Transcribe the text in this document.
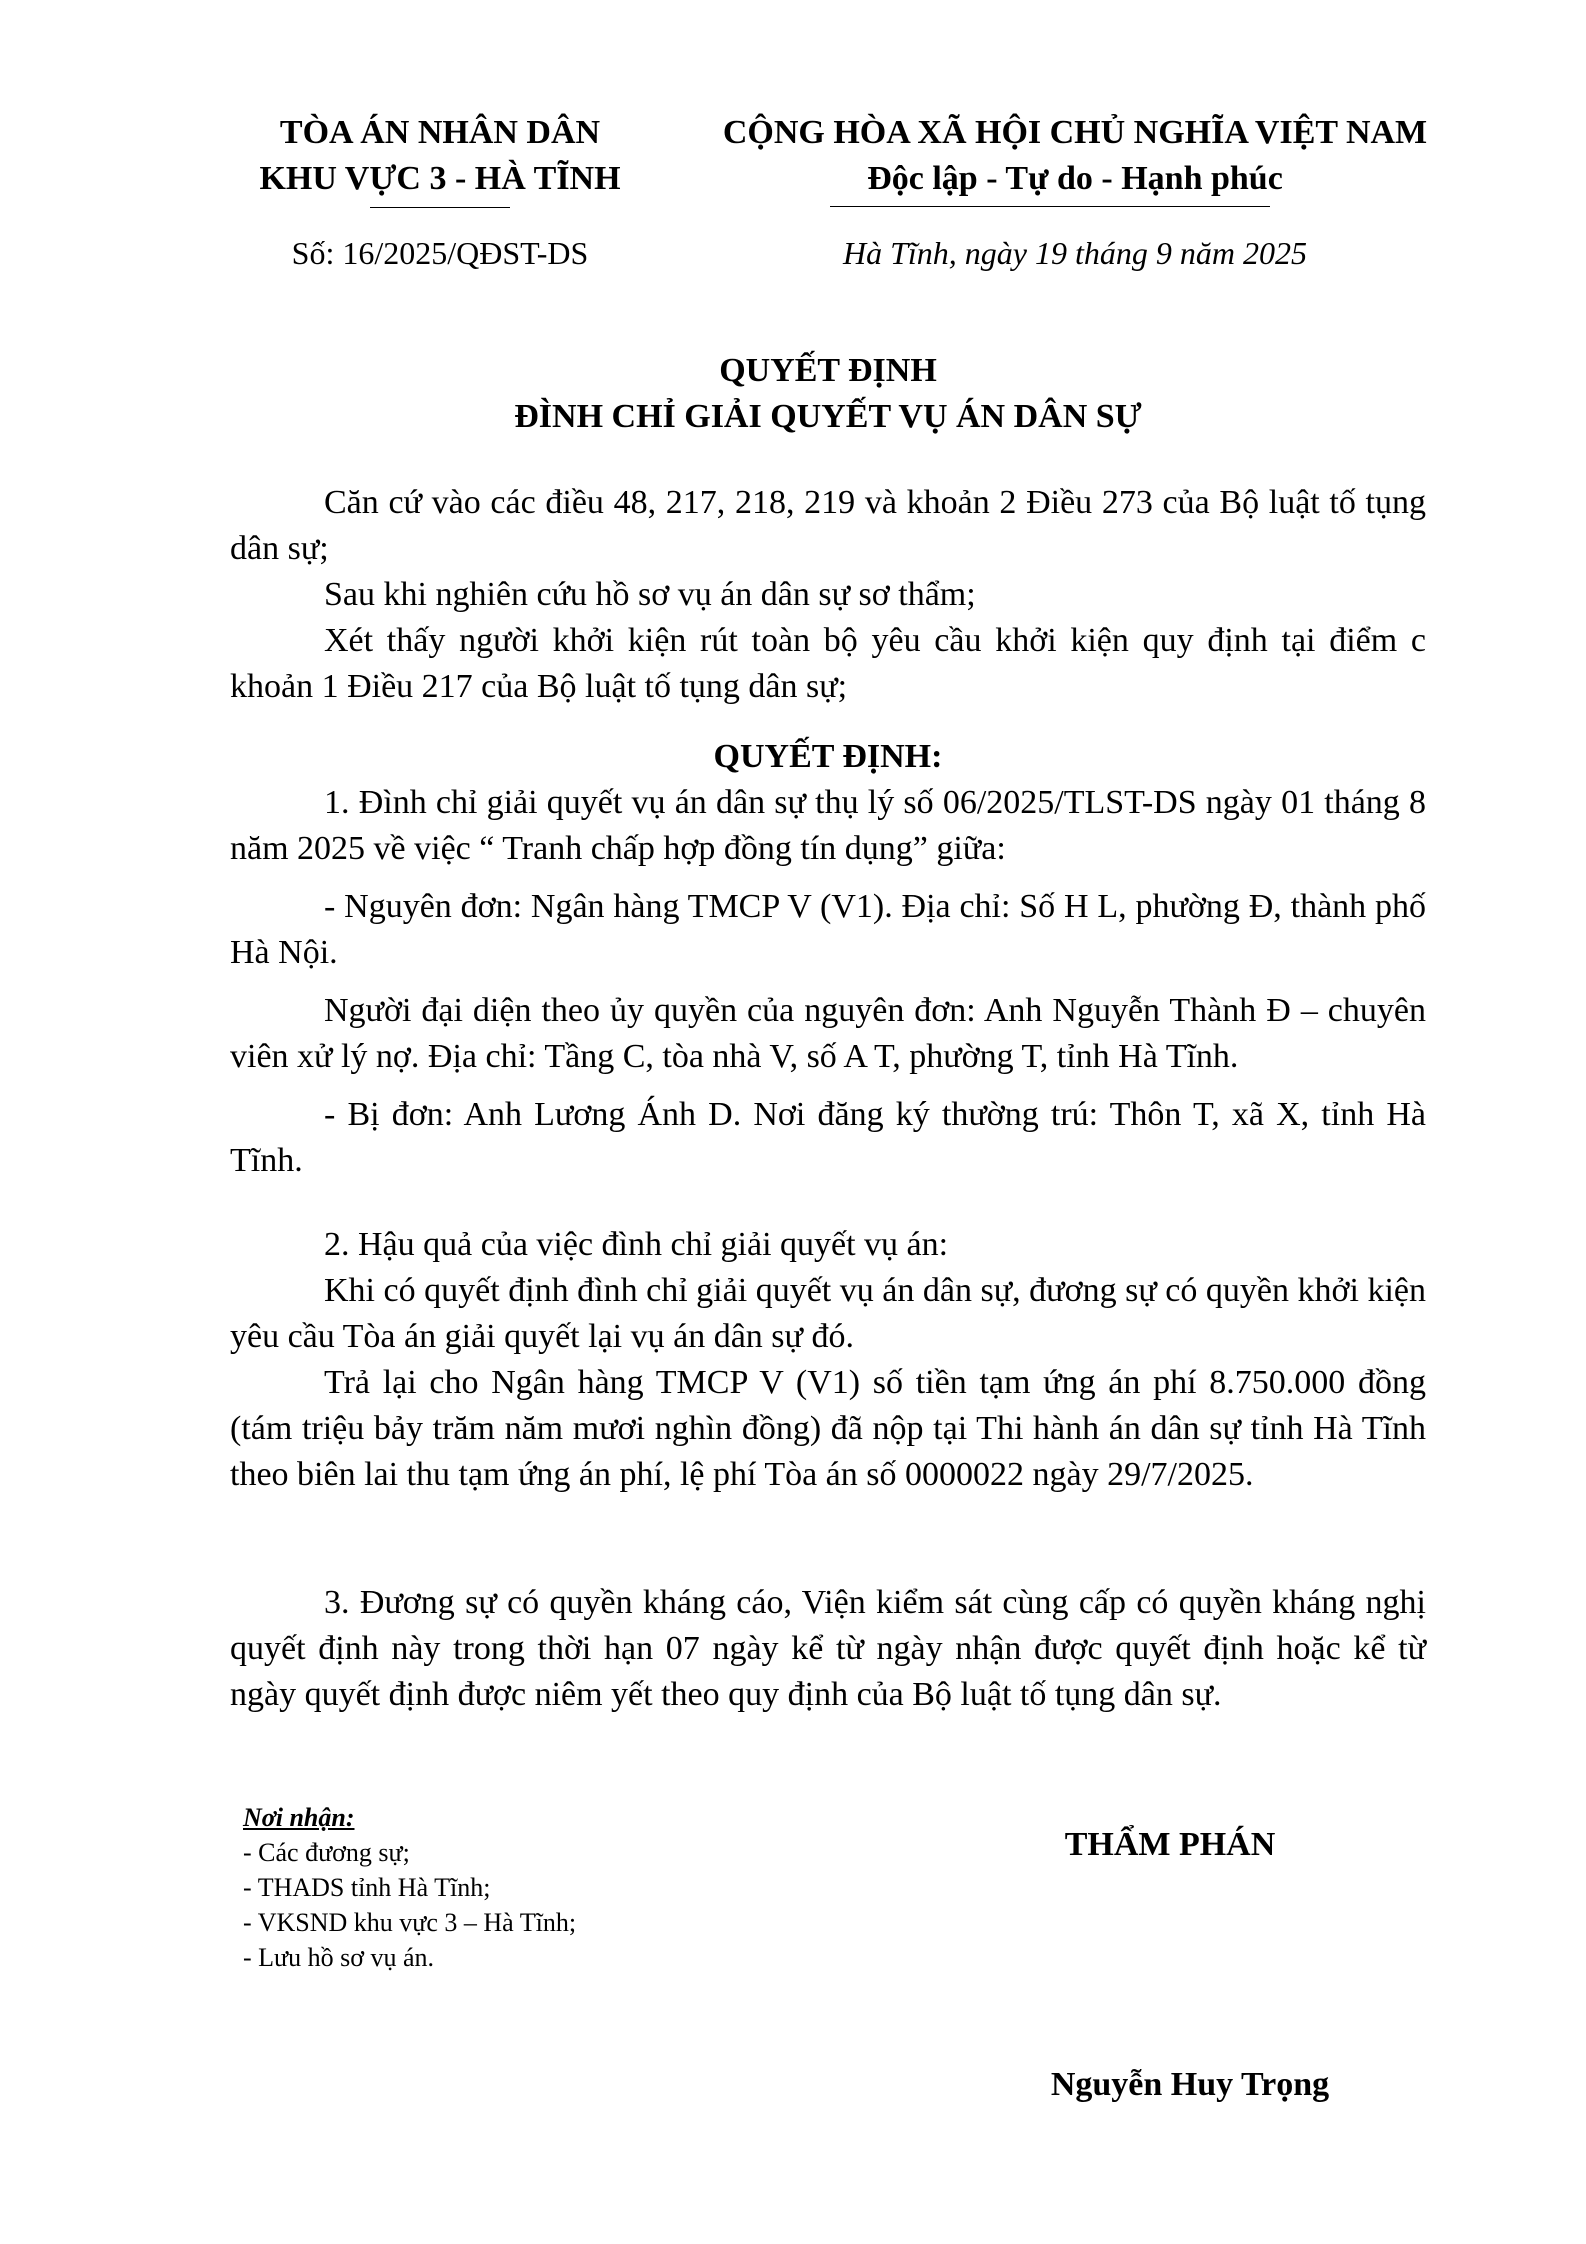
TÒA ÁN NHÂN DÂN
KHU VỰC 3 - HÀ TĨNH
Số: 16/2025/QĐST-DS
CỘNG HÒA XÃ HỘI CHỦ NGHĨA VIỆT NAM
Độc lập - Tự do - Hạnh phúc
Hà Tĩnh, ngày 19 tháng 9 năm 2025
QUYẾT ĐỊNH
ĐÌNH CHỈ GIẢI QUYẾT VỤ ÁN DÂN SỰ

Căn cứ vào các điều 48, 217, 218, 219 và khoản 2 Điều 273 của Bộ luật tố tụng dân sự;

Sau khi nghiên cứu hồ sơ vụ án dân sự sơ thẩm;

Xét thấy người khởi kiện rút toàn bộ yêu cầu khởi kiện quy định tại điểm c khoản 1 Điều 217 của Bộ luật tố tụng dân sự;

QUYẾT ĐỊNH:

1. Đình chỉ giải quyết vụ án dân sự thụ lý số 06/2025/TLST-DS ngày 01 tháng 8 năm 2025 về việc “ Tranh chấp hợp đồng tín dụng” giữa:

- Nguyên đơn: Ngân hàng TMCP V (V1). Địa chỉ: Số H L, phường Đ, thành phố Hà Nội.

Người đại diện theo ủy quyền của nguyên đơn: Anh Nguyễn Thành Đ – chuyên viên xử lý nợ. Địa chỉ: Tầng C, tòa nhà V, số A T, phường T, tỉnh Hà Tĩnh.

- Bị đơn: Anh Lương Ánh D. Nơi đăng ký thường trú: Thôn T, xã X, tỉnh Hà Tĩnh.

2. Hậu quả của việc đình chỉ giải quyết vụ án:

Khi có quyết định đình chỉ giải quyết vụ án dân sự, đương sự có quyền khởi kiện yêu cầu Tòa án giải quyết lại vụ án dân sự đó.

Trả lại cho Ngân hàng TMCP V (V1) số tiền tạm ứng án phí 8.750.000 đồng (tám triệu bảy trăm năm mươi nghìn đồng) đã nộp tại Thi hành án dân sự tỉnh Hà Tĩnh theo biên lai thu tạm ứng án phí, lệ phí Tòa án số 0000022 ngày 29/7/2025.

3. Đương sự có quyền kháng cáo, Viện kiểm sát cùng cấp có quyền kháng nghị quyết định này trong thời hạn 07 ngày kể từ ngày nhận được quyết định hoặc kể từ ngày quyết định được niêm yết theo quy định của Bộ luật tố tụng dân sự.

Nơi nhận:
- Các đương sự;
- THADS tỉnh Hà Tĩnh;
- VKSND khu vực 3 – Hà Tĩnh;
- Lưu hồ sơ vụ án.
THẨM PHÁN
Nguyễn Huy Trọng
